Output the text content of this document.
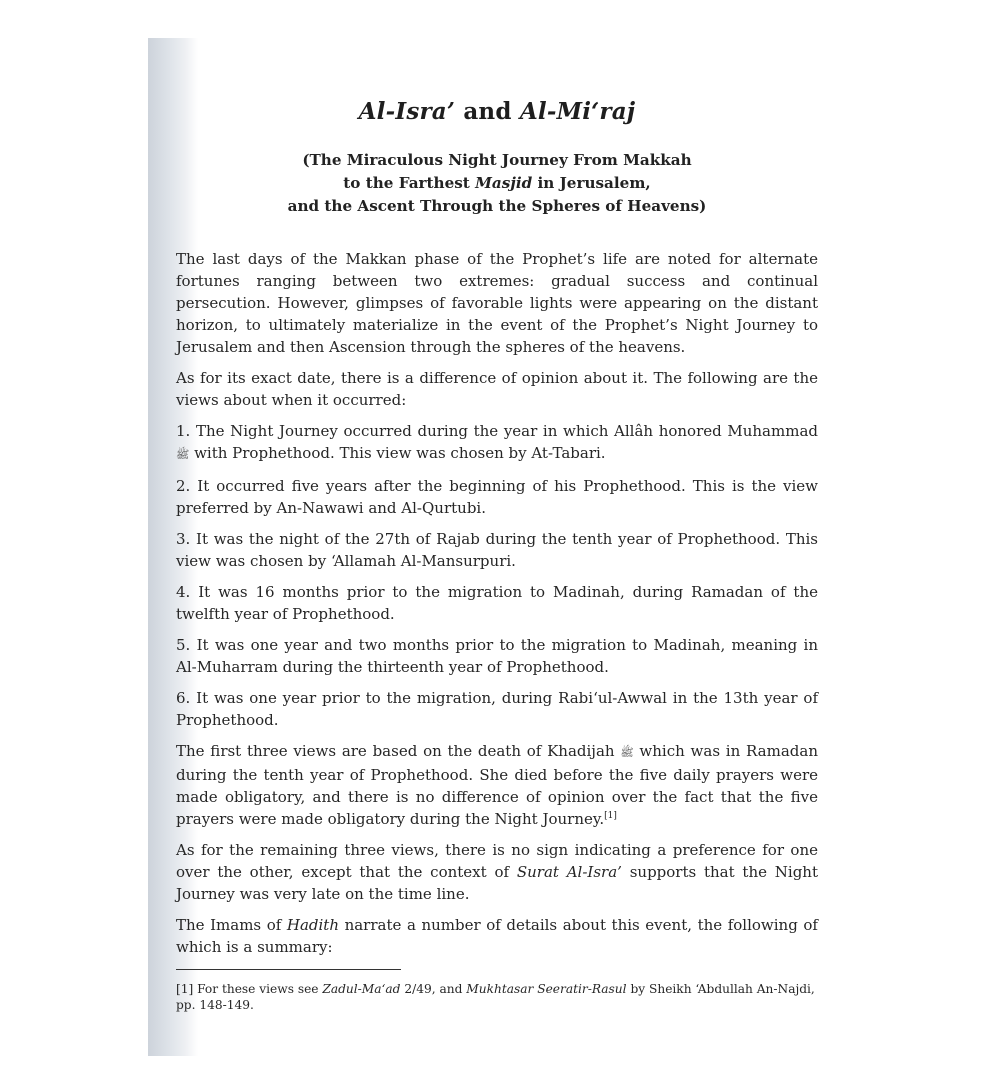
Al-Isra’ and Al-Mi‘raj
(The Miraculous Night Journey From Makkah
to the Farthest Masjid in Jerusalem,
and the Ascent Through the Spheres of Heavens)

The last days of the Makkan phase of the Prophet’s life are noted for alternate fortunes ranging between two extremes: gradual success and continual persecution. However, glimpses of favorable lights were appearing on the distant horizon, to ultimately materialize in the event of the Prophet’s Night Journey to Jerusalem and then Ascension through the spheres of the heavens.

As for its exact date, there is a difference of opinion about it. The following are the views about when it occurred:

1. The Night Journey occurred during the year in which Allâh honored Muhammad ﷺ with Prophethood. This view was chosen by At-Tabari.

2. It occurred five years after the beginning of his Prophethood. This is the view preferred by An-Nawawi and Al-Qurtubi.

3. It was the night of the 27th of Rajab during the tenth year of Prophethood. This view was chosen by ‘Allamah Al-Mansurpuri.

4. It was 16 months prior to the migration to Madinah, during Ramadan of the twelfth year of Prophethood.

5. It was one year and two months prior to the migration to Madinah, meaning in Al-Muharram during the thirteenth year of Prophethood.

6. It was one year prior to the migration, during Rabi‘ul-Awwal in the 13th year of Prophethood.

The first three views are based on the death of Khadijah ﷺ which was in Ramadan during the tenth year of Prophethood. She died before the five daily prayers were made obligatory, and there is no difference of opinion over the fact that the five prayers were made obligatory during the Night Journey.[1]

As for the remaining three views, there is no sign indicating a preference for one over the other, except that the context of Surat Al-Isra’ supports that the Night Journey was very late on the time line.

The Imams of Hadith narrate a number of details about this event, the following of which is a summary:

[1] For these views see Zadul-Ma‘ad 2/49, and Mukhtasar Seeratir-Rasul by Sheikh ‘Abdullah An-Najdi, pp. 148-149.
